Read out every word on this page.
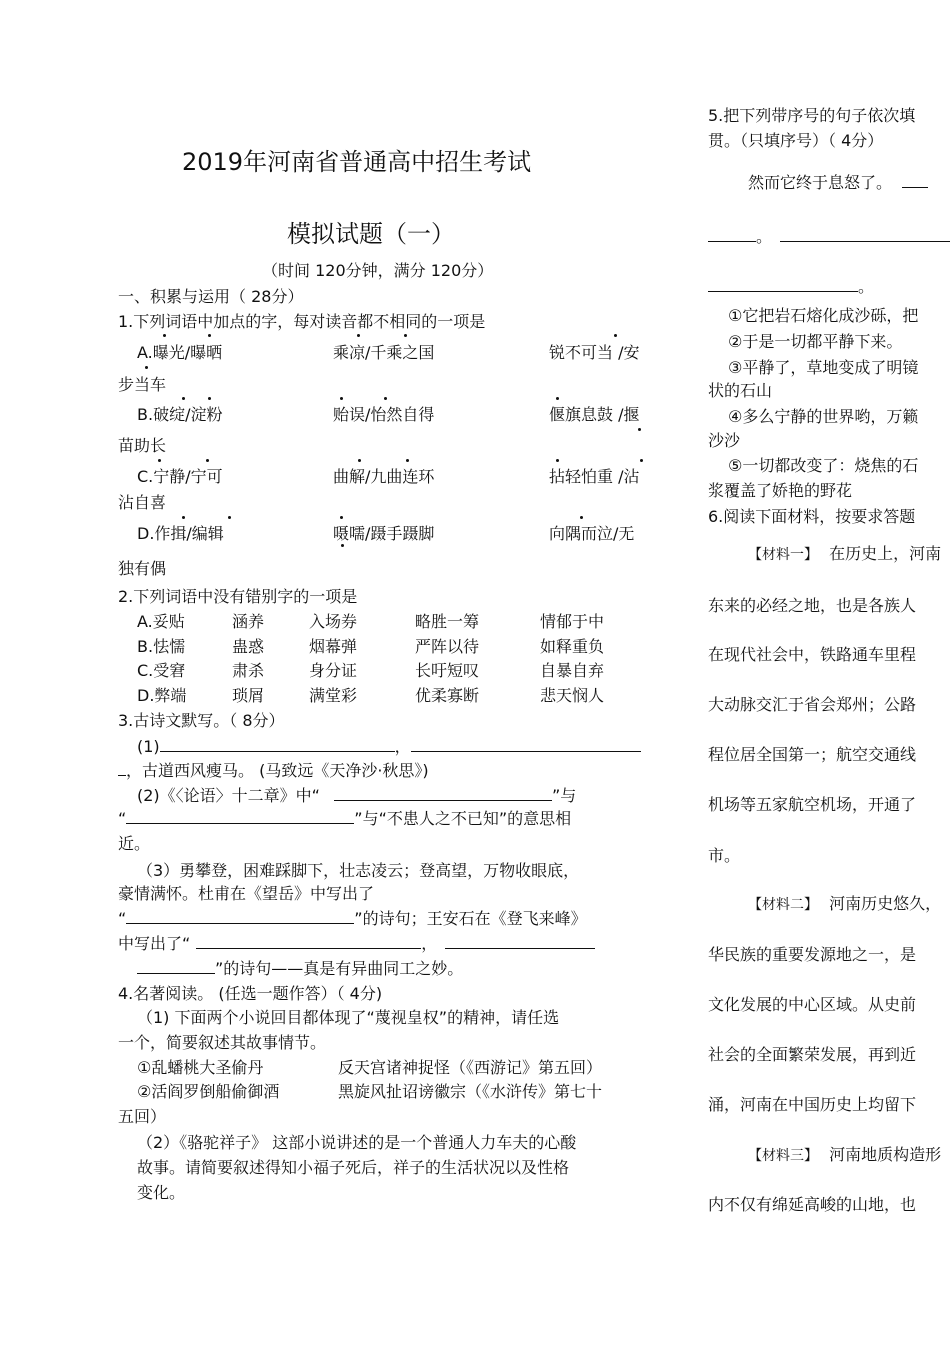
2019年河南省普通高中招生考试
模拟试题（一）
（时间 120分钟，满分 120分）
一、积累与运用（ 28分）
1.下列词语中加点的字，每对读音都不相同的一项是
A.曝光/曝晒	乘凉/千乘之国	锐不可当 /安
步当车
B.破绽/淀粉	贻误/怡然自得	偃旗息鼓 /揠
苗助长
C.宁静/宁可	曲解/九曲连环	拈轻怕重 /沾
沾自喜
D.作揖/编辑	嗫嚅/蹑手蹑脚	向隅而泣/无
独有偶
2.下列词语中没有错别字的一项是
A.妥贴	涵养	入场券	略胜一筹	情郁于中
B.怯懦	蛊惑	烟幕弹	严阵以待	如释重负
C.受窘	肃杀	身分证	长吁短叹	自暴自弃
D.弊端	琐屑	满堂彩	优柔寡断	悲天悯人
3.古诗文默写。（ 8分）
(1)	，
，古道西风瘦马。 (马致远《天净沙·秋思》)
(2)《〈论语〉十二章》中“	”与
“	”与“不患人之不已知”的意思相
近。
（3）勇攀登，困难踩脚下，壮志凌云；登高望，万物收眼底，
豪情满怀。杜甫在《望岳》中写出了
“	”的诗句；王安石在《登飞来峰》
中写出了“	，
”的诗句——真是有异曲同工之妙。
4.名著阅读。 (任选一题作答）（ 4分)
（1) 下面两个小说回目都体现了“蔑视皇权”的精神，请任选
一个，简要叙述其故事情节。
①乱蟠桃大圣偷丹	反天宫诸神捉怪（《西游记》第五回）
②活阎罗倒船偷御酒	黑旋风扯诏谤徽宗（《水浒传》第七十
五回）
（2）《骆驼祥子》 这部小说讲述的是一个普通人力车夫的心酸
故事。请简要叙述得知小福子死后，祥子的生活状况以及性格
变化。
5.把下列带序号的句子依次填
贯。（只填序号）（ 4分）
然而它终于息怒了。
。
。
①它把岩石熔化成沙砾，把
②于是一切都平静下来。
③平静了，草地变成了明镜
状的石山
④多么宁静的世界哟，万籁
沙沙
⑤一切都改变了：烧焦的石
浆覆盖了娇艳的野花
6.阅读下面材料，按要求答题
【材料一】 在历史上，河南
东来的必经之地，也是各族人
在现代社会中，铁路通车里程
大动脉交汇于省会郑州；公路
程位居全国第一；航空交通线
机场等五家航空机场，开通了
市。
【材料二】 河南历史悠久，
华民族的重要发源地之一，是
文化发展的中心区域。从史前
社会的全面繁荣发展，再到近
涌，河南在中国历史上均留下
【材料三】 河南地质构造形
内不仅有绵延高峻的山地，也
